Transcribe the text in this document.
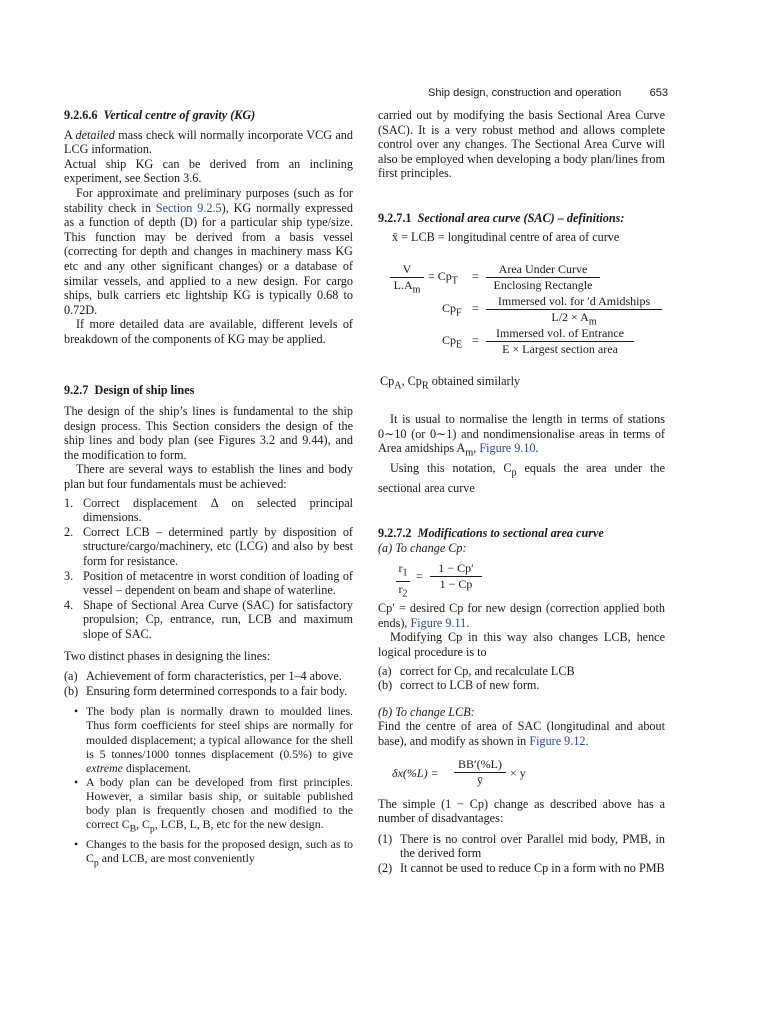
Ship design, construction and operation	653

9.2.6.6 Vertical centre of gravity (KG)

A detailed mass check will normally incorporate VCG and LCG information.

Actual ship KG can be derived from an inclining experiment, see Section 3.6.

For approximate and preliminary purposes (such as for stability check in Section 9.2.5), KG normally expressed as a function of depth (D) for a particular ship type/size. This function may be derived from a basis vessel (correcting for depth and changes in machinery mass KG etc and any other significant changes) or a database of similar vessels, and applied to a new design. For cargo ships, bulk carriers etc lightship KG is typically 0.68 to 0.72D.

If more detailed data are available, different levels of breakdown of the components of KG may be applied.

9.2.7 Design of ship lines

The design of the ship’s lines is fundamental to the ship design process. This Section considers the design of the ship lines and body plan (see Figures 3.2 and 9.44), and the modification to form.

There are several ways to establish the lines and body plan but four fundamentals must be achieved:

1. Correct displacement Δ on selected principal dimensions.
2. Correct LCB – determined partly by disposition of structure/cargo/machinery, etc (LCG) and also by best form for resistance.
3. Position of metacentre in worst condition of loading of vessel – dependent on beam and shape of waterline.
4. Shape of Sectional Area Curve (SAC) for satisfactory propulsion; Cp, entrance, run, LCB and maximum slope of SAC.

Two distinct phases in designing the lines:

(a) Achievement of form characteristics, per 1–4 above.
(b) Ensuring form determined corresponds to a fair body.
• The body plan is normally drawn to moulded lines. Thus form coefficients for steel ships are normally for moulded displacement; a typical allowance for the shell is 5 tonnes/1000 tonnes displacement (0.5%) to give extreme displacement.
• A body plan can be developed from first principles. However, a similar basis ship, or suitable published body plan is frequently chosen and modified to the correct $C_B$, $C_p$, LCB, L, B, etc for the new design.
• Changes to the basis for the proposed design, such as to $C_p$ and LCB, are most conveniently

carried out by modifying the basis Sectional Area Curve (SAC). It is a very robust method and allows complete control over any changes. The Sectional Area Curve will also be employed when developing a body plan/lines from first principles.

9.2.7.1 Sectional area curve (SAC) – definitions:

x̄ = LCB = longitudinal centre of area of curve

$\frac{V}{L.A_m} = Cp_T$ =	Area Under Curve
Enclosing Rectangle
$Cp_F$ =	Immersed vol. for ′d Amidships
$L/2 \times A_m$
$Cp_E$ =	Immersed vol. of Entrance
E × Largest section area

$Cp_A$, $Cp_R$ obtained similarly

It is usual to normalise the length in terms of stations 0∼10 (or 0∼1) and nondimensionalise areas in terms of Area amidships $A_m$, Figure 9.10.

Using this notation, $C_p$ equals the area under the sectional area curve

9.2.7.2 Modifications to sectional area curve

(a) To change Cp:

$\frac{r_1}{r_2} = \frac{1 - Cp'}{1 - Cp}$

Cp′ = desired Cp for new design (correction applied both ends), Figure 9.11.

Modifying Cp in this way also changes LCB, hence logical procedure is to

(a) correct for Cp, and recalculate LCB
(b) correct to LCB of new form.

(b) To change LCB:

Find the centre of area of SAC (longitudinal and about base), and modify as shown in Figure 9.12.

$\delta x(\%L) = \frac{BB'(\%L)}{ȳ} \times y$

The simple (1 − Cp) change as described above has a number of disadvantages:

(1) There is no control over Parallel mid body, PMB, in the derived form
(2) It cannot be used to reduce Cp in a form with no PMB
